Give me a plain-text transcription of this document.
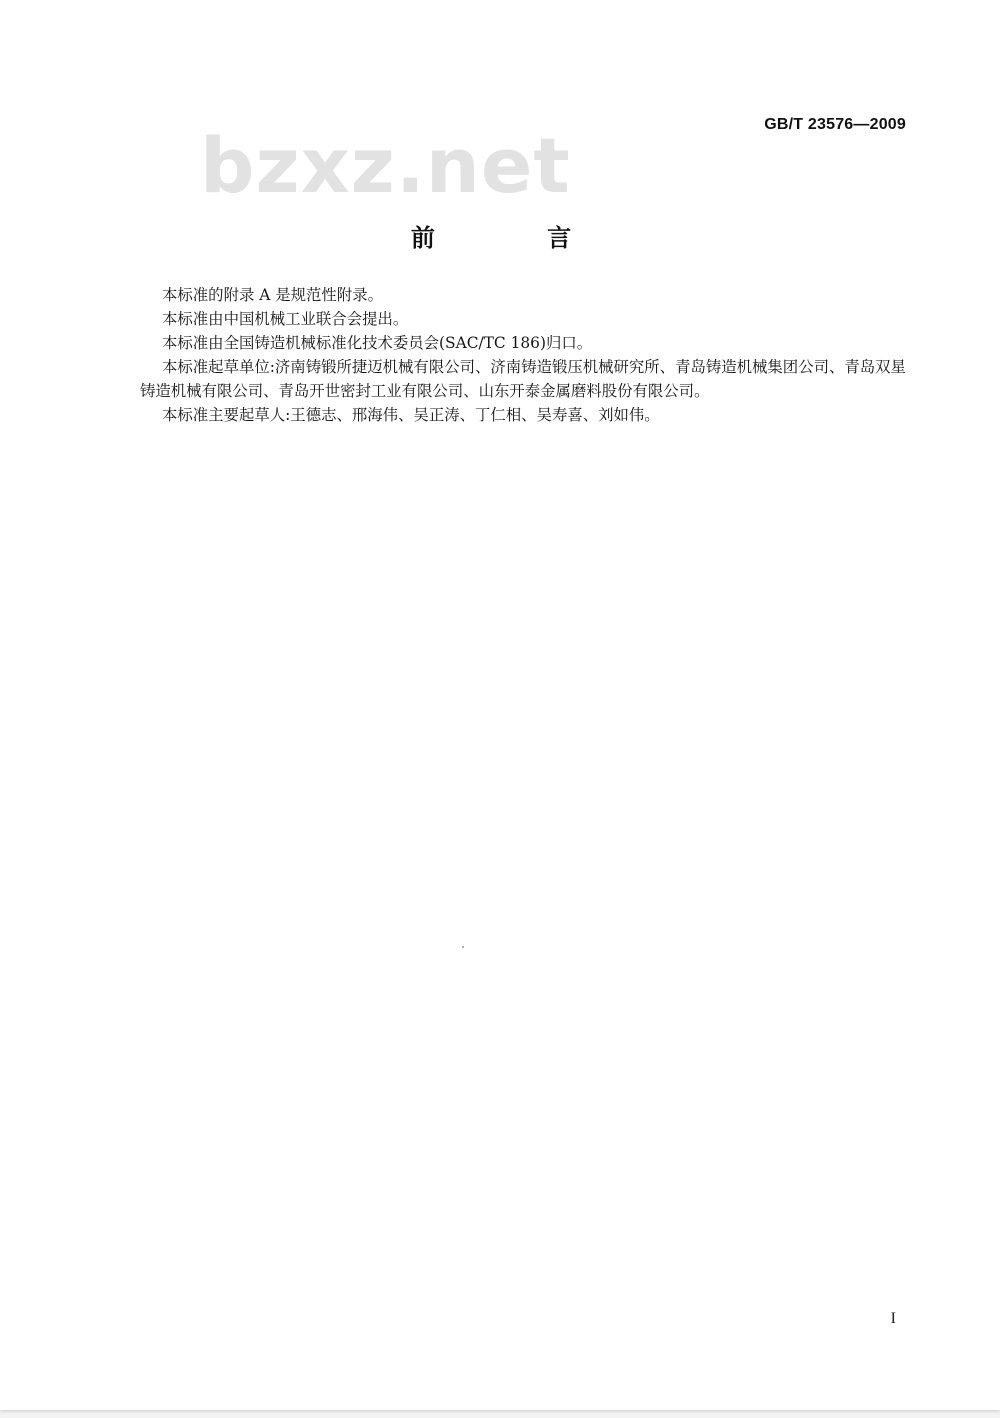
GB/T 23576—2009
bzxz.net
前 言

本标准的附录 A 是规范性附录。

本标准由中国机械工业联合会提出。

本标准由全国铸造机械标准化技术委员会(SAC/TC 186)归口。

本标准起草单位:济南铸锻所捷迈机械有限公司、济南铸造锻压机械研究所、青岛铸造机械集团公司、青岛双星铸造机械有限公司、青岛开世密封工业有限公司、山东开泰金属磨料股份有限公司。

本标准主要起草人:王德志、邢海伟、吴正涛、丁仁相、吴寿喜、刘如伟。

I
